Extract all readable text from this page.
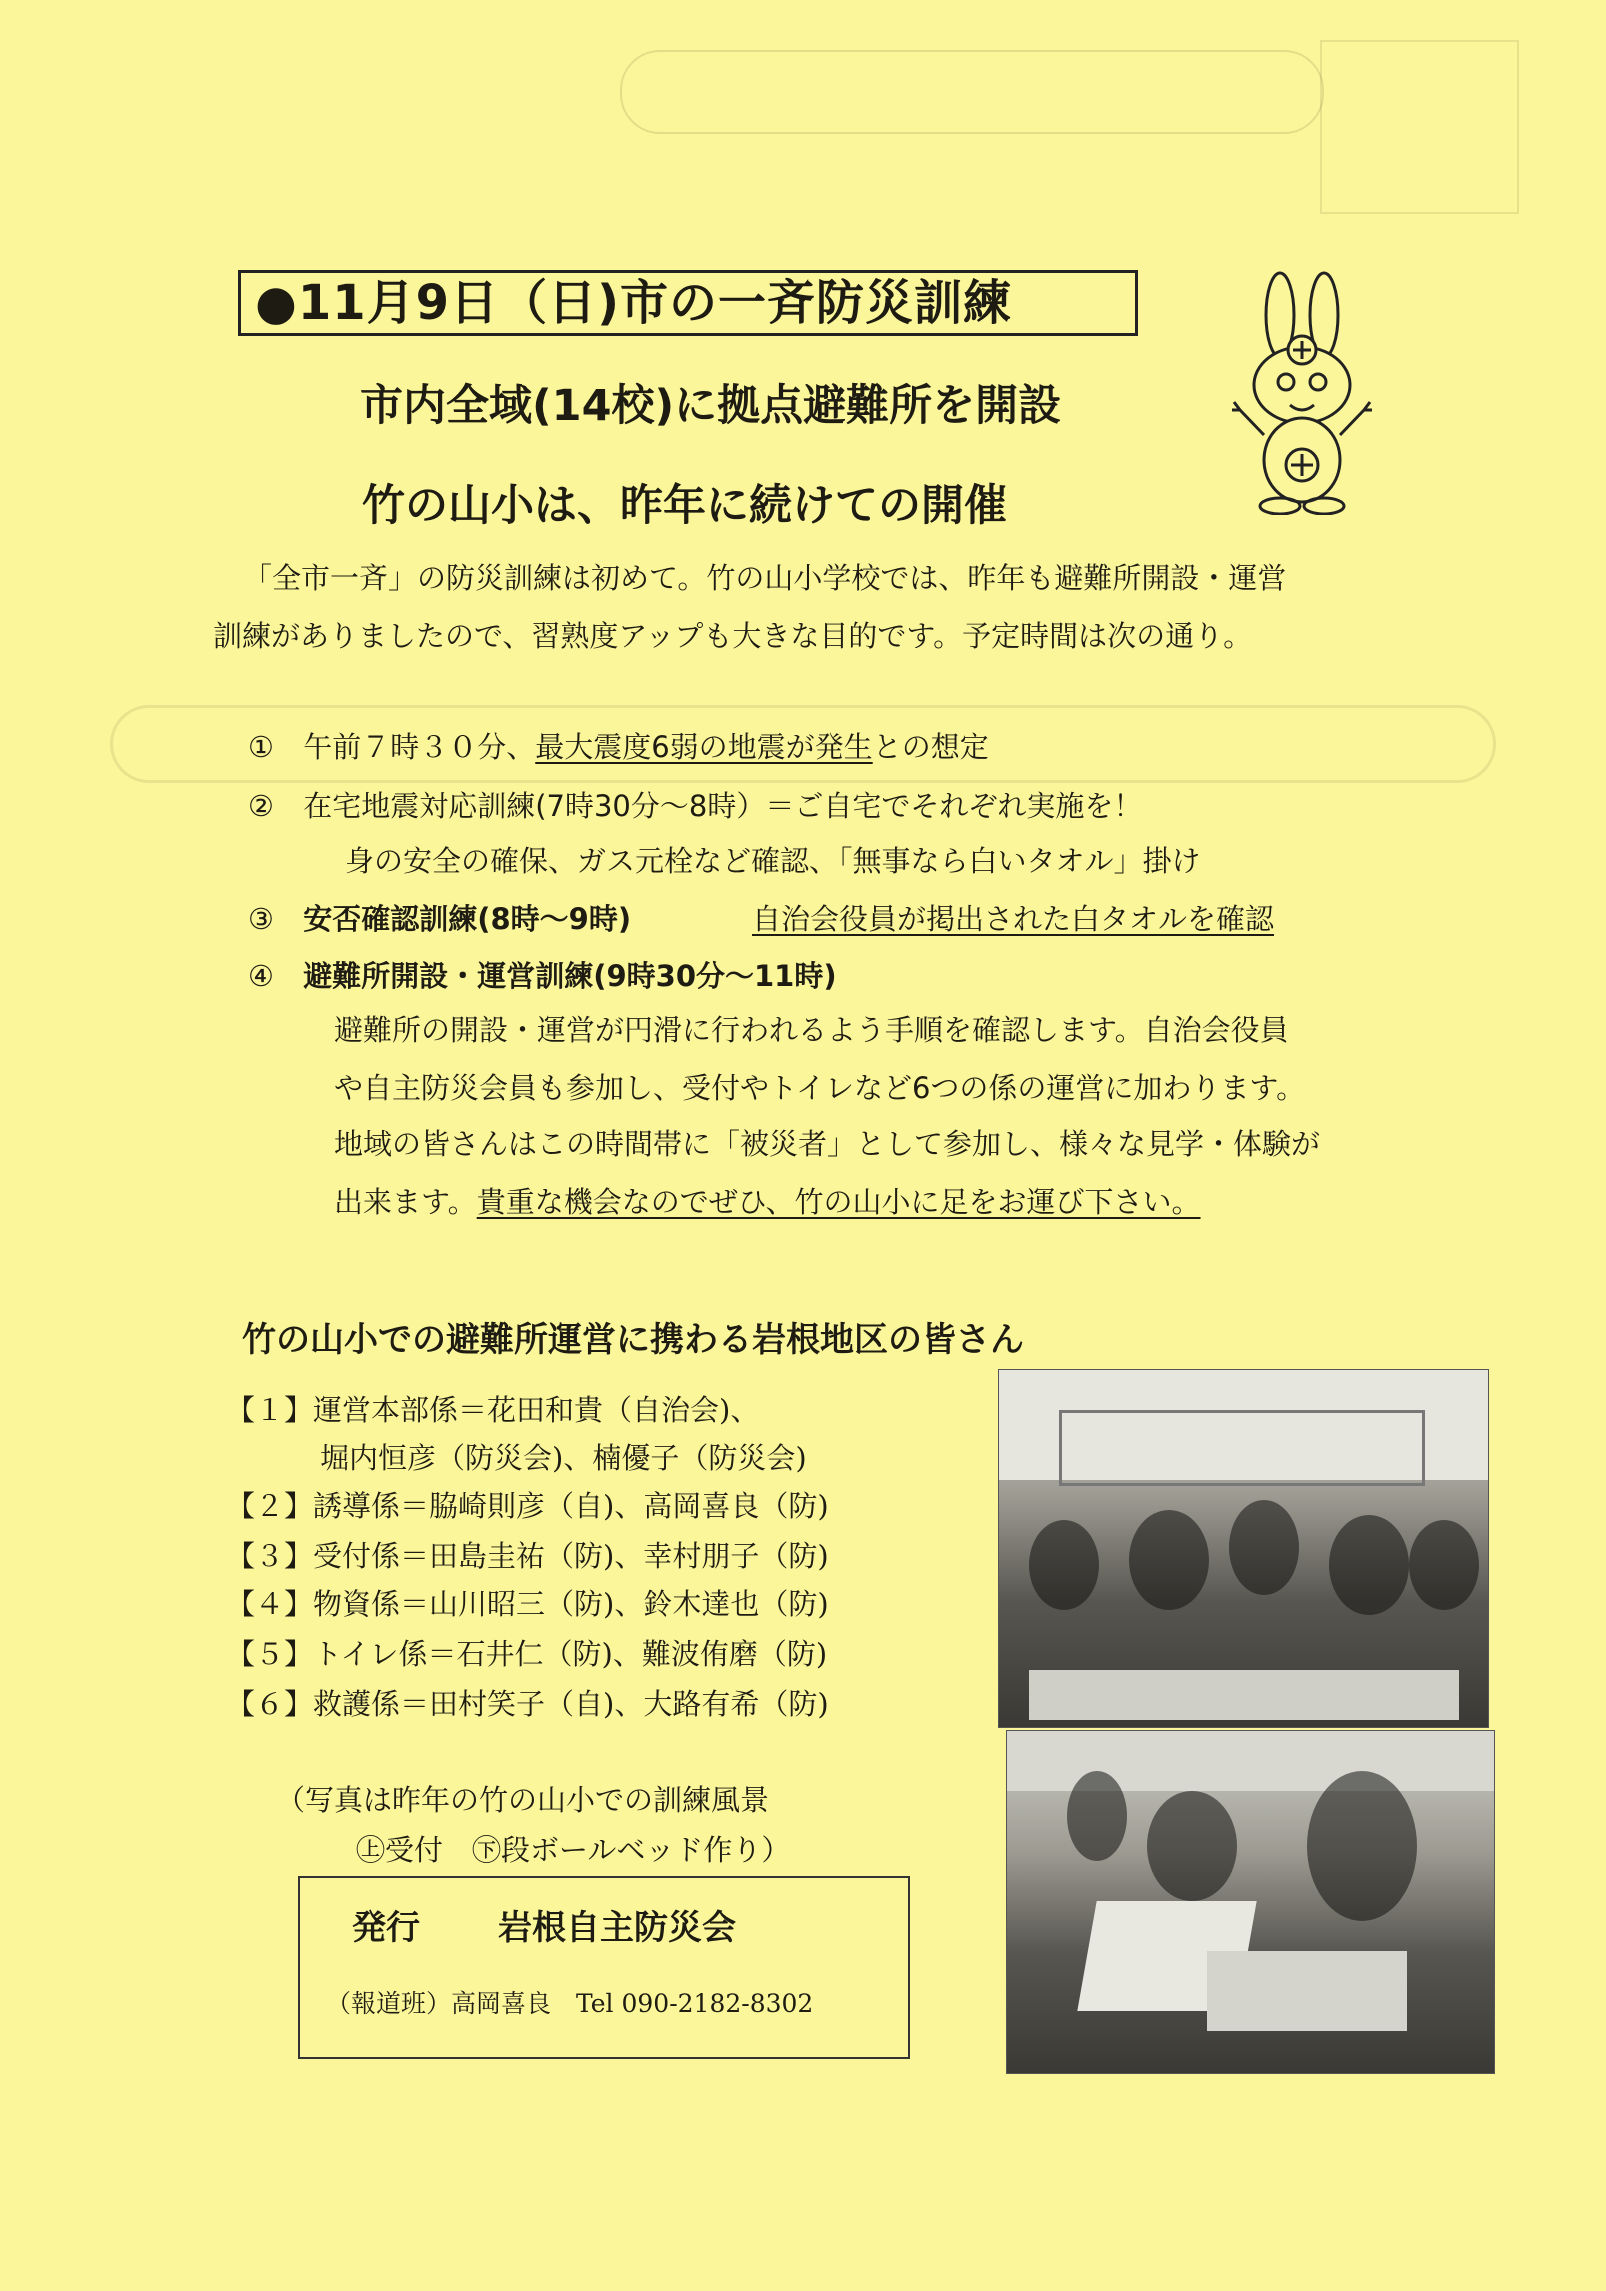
●11月9日（日)市の一斉防災訓練
市内全域(14校)に拠点避難所を開設
竹の山小は、昨年に続けての開催
「全市一斉」の防災訓練は初めて。竹の山小学校では、昨年も避難所開設・運営
訓練がありましたので、習熟度アップも大きな目的です。予定時間は次の通り。
① 午前７時３０分、最大震度6弱の地震が発生との想定
② 在宅地震対応訓練(7時30分～8時）＝ご自宅でそれぞれ実施を！
身の安全の確保、ガス元栓など確認、「無事なら白いタオル」掛け
③ 安否確認訓練(8時～9時)	自治会役員が掲出された白タオルを確認
④ 避難所開設・運営訓練(9時30分～11時)
避難所の開設・運営が円滑に行われるよう手順を確認します。自治会役員
や自主防災会員も参加し、受付やトイレなど6つの係の運営に加わります。
地域の皆さんはこの時間帯に「被災者」として参加し、様々な見学・体験が
出来ます。貴重な機会なのでぜひ、竹の山小に足をお運び下さい。
竹の山小での避難所運営に携わる岩根地区の皆さん
【１】運営本部係＝花田和貴（自治会)、
堀内恒彦（防災会)、楠優子（防災会)
【２】誘導係＝脇崎則彦（自)、高岡喜良（防)
【３】受付係＝田島圭祐（防)、幸村朋子（防)
【４】物資係＝山川昭三（防)、鈴木達也（防)
【５】トイレ係＝石井仁（防)、難波侑磨（防)
【６】救護係＝田村笑子（自)、大路有希（防)
（写真は昨年の竹の山小での訓練風景
㊤受付　㊦段ボールベッド作り）
発行 岩根自主防災会
（報道班）高岡喜良　Tel 090-2182-8302
